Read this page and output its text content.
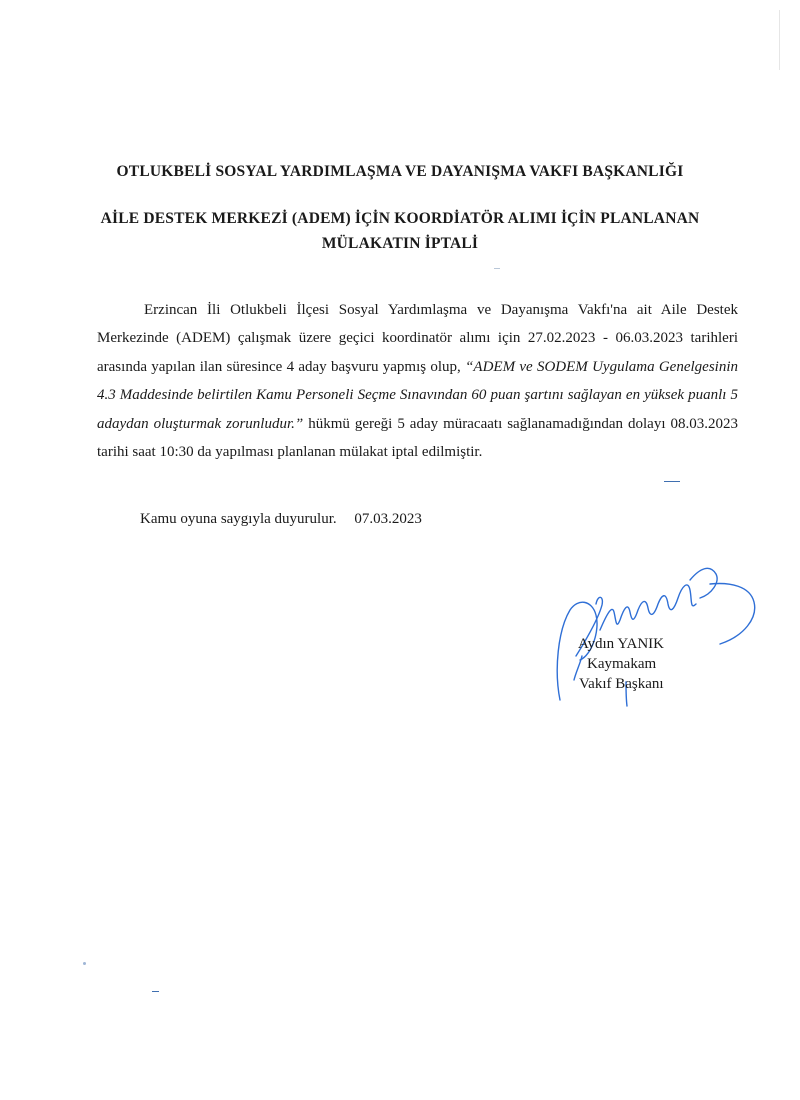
OTLUKBELİ SOSYAL YARDIMLAŞMA VE DAYANIŞMA VAKFI BAŞKANLIĞI
AİLE DESTEK MERKEZİ (ADEM) İÇİN KOORDİATÖR ALIMI İÇİN PLANLANAN
MÜLAKATIN İPTALİ
Erzincan İli Otlukbeli İlçesi Sosyal Yardımlaşma ve Dayanışma Vakfı'na ait Aile Destek Merkezinde (ADEM) çalışmak üzere geçici koordinatör alımı için 27.02.2023 - 06.03.2023 tarihleri arasında yapılan ilan süresince 4 aday başvuru yapmış olup, “ADEM ve SODEM Uygulama Genelgesinin 4.3 Maddesinde belirtilen Kamu Personeli Seçme Sınavından 60 puan şartını sağlayan en yüksek puanlı 5 adaydan oluşturmak zorunludur.” hükmü gereği 5 aday müracaatı sağlanamadığından dolayı 08.03.2023 tarihi saat 10:30 da yapılması planlanan mülakat iptal edilmiştir.
Kamu oyuna saygıyla duyurulur. 07.03.2023
Aydın YANIK
Kaymakam
Vakıf Başkanı
